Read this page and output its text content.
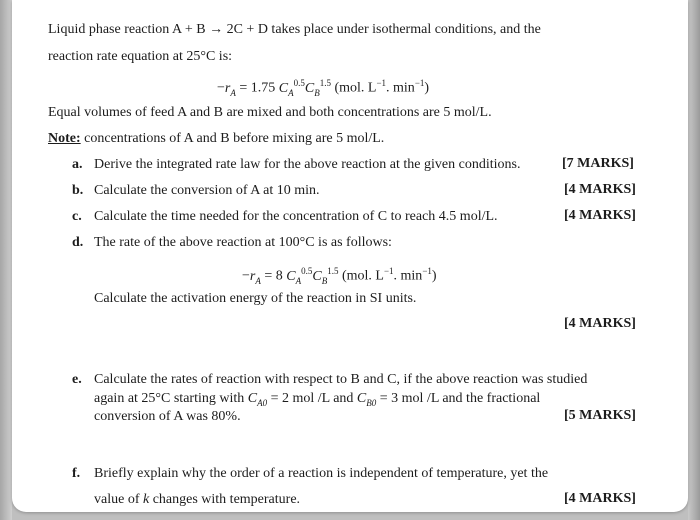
Liquid phase reaction A + B → 2C + D takes place under isothermal conditions, and the
reaction rate equation at 25°C is:
$-r_A = 1.75$ $C_A^{0.5}C_B^{1.5}$ (mol. $L^{-1}$. $\min^{-1}$)
Equal volumes of feed A and B are mixed and both concentrations are 5 mol/L.
Note: concentrations of A and B before mixing are 5 mol/L.
a. Derive the integrated rate law for the above reaction at the given conditions.	[7 MARKS]
b. Calculate the conversion of A at 10 min.	[4 MARKS]
c. Calculate the time needed for the concentration of C to reach 4.5 mol/L.	[4 MARKS]
d. The rate of the above reaction at 100°C is as follows:
$-r_A = 8$ $C_A^{0.5}C_B^{1.5}$ (mol. $L^{-1}$. $\min^{-1}$)
Calculate the activation energy of the reaction in SI units.
[4 MARKS]
e. Calculate the rates of reaction with respect to B and C, if the above reaction was studied
again at 25°C starting with $C_{A0} = 2$ mol /L and $C_{B0} = 3$ mol /L and the fractional
conversion of A was 80%.	[5 MARKS]
f. Briefly explain why the order of a reaction is independent of temperature, yet the
value of k changes with temperature.	[4 MARKS]
